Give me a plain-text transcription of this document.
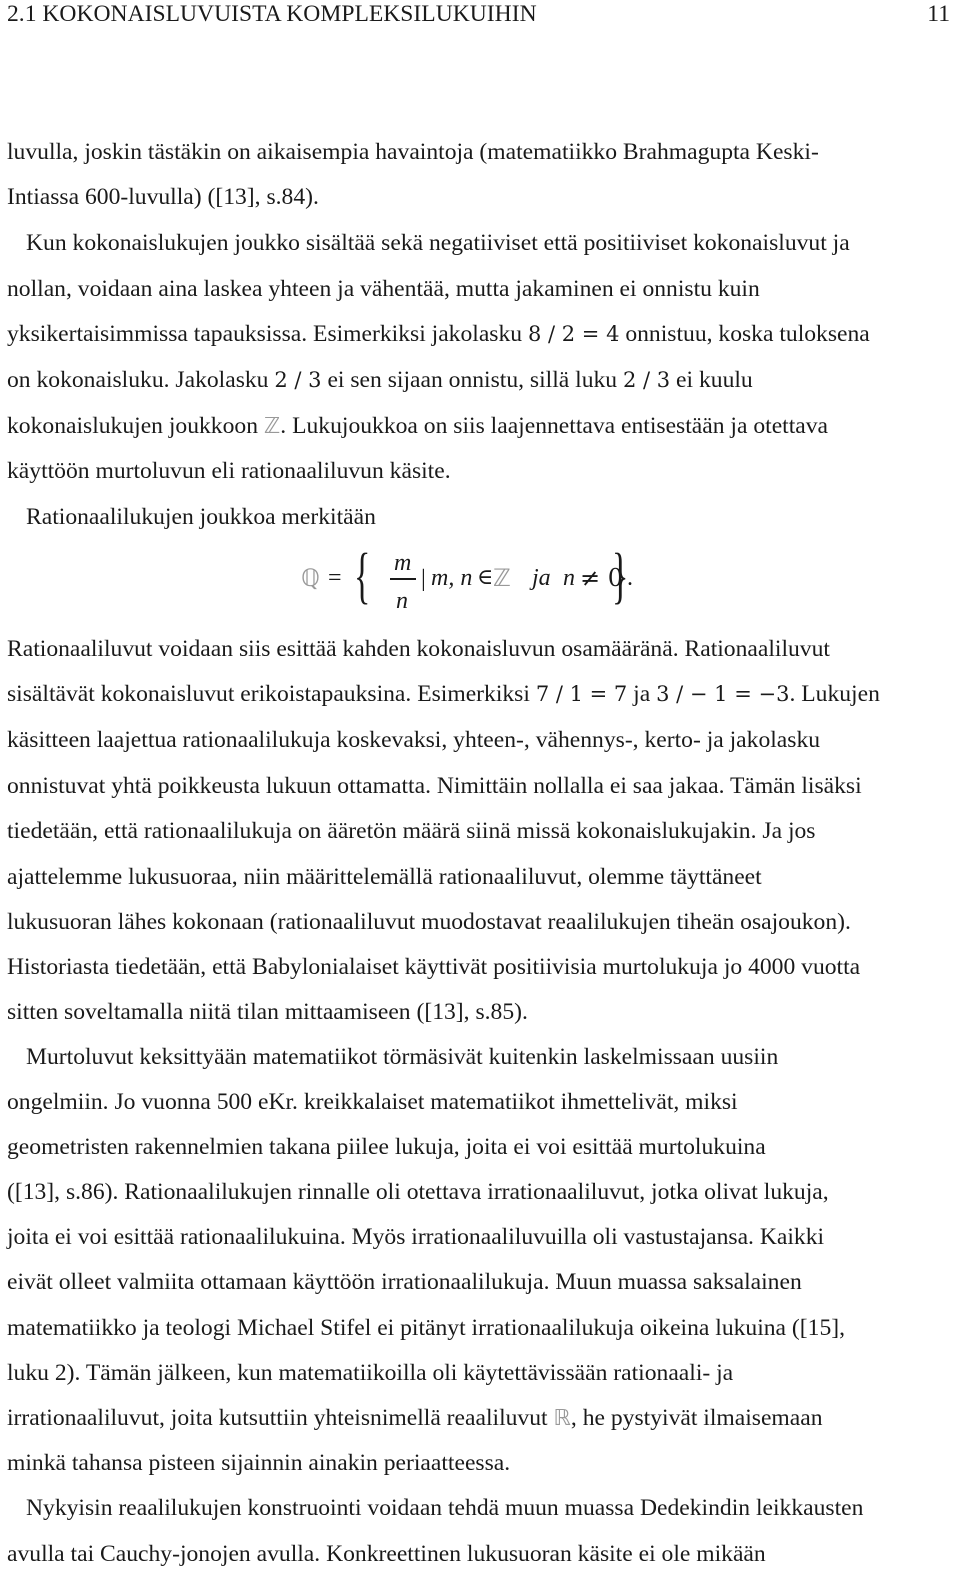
2.1 KOKONAISLUVUISTA KOMPLEKSILUKUIHIN	11

luvulla, joskin tästäkin on aikaisempia havaintoja (matematiikko Brahmagupta Keski-

Intiassa 600-luvulla) ([13], s.84).

Kun kokonaislukujen joukko sisältää sekä negatiiviset että positiiviset kokonaisluvut ja

nollan, voidaan aina laskea yhteen ja vähentää, mutta jakaminen ei onnistu kuin

yksikertaisimmissa tapauksissa. Esimerkiksi jakolasku 8 / 2 = 4 onnistuu, koska tuloksena

on kokonaisluku. Jakolasku 2 / 3 ei sen sijaan onnistu, sillä luku 2 / 3 ei kuulu

kokonaislukujen joukkoon ℤ. Lukujoukkoa on siis laajennettava entisestään ja otettava

käyttöön murtoluvun eli rationaaliluvun käsite.

Rationaalilukujen joukkoa merkitään

ℚ = { m
n
| m, n ∈ ℤ ja n ≠ 0
}
.

Rationaaliluvut voidaan siis esittää kahden kokonaisluvun osamääränä. Rationaaliluvut

sisältävät kokonaisluvut erikoistapauksina. Esimerkiksi 7 / 1 = 7 ja 3 / − 1 = −3. Lukujen

käsitteen laajettua rationaalilukuja koskevaksi, yhteen-, vähennys-, kerto- ja jakolasku

onnistuvat yhtä poikkeusta lukuun ottamatta. Nimittäin nollalla ei saa jakaa. Tämän lisäksi

tiedetään, että rationaalilukuja on ääretön määrä siinä missä kokonaislukujakin. Ja jos

ajattelemme lukusuoraa, niin määrittelemällä rationaaliluvut, olemme täyttäneet

lukusuoran lähes kokonaan (rationaaliluvut muodostavat reaalilukujen tiheän osajoukon).

Historiasta tiedetään, että Babylonialaiset käyttivät positiivisia murtolukuja jo 4000 vuotta

sitten soveltamalla niitä tilan mittaamiseen ([13], s.85).

Murtoluvut keksittyään matematiikot törmäsivät kuitenkin laskelmissaan uusiin

ongelmiin. Jo vuonna 500 eKr. kreikkalaiset matematiikot ihmettelivät, miksi

geometristen rakennelmien takana piilee lukuja, joita ei voi esittää murtolukuina

([13], s.86). Rationaalilukujen rinnalle oli otettava irrationaaliluvut, jotka olivat lukuja,

joita ei voi esittää rationaalilukuina. Myös irrationaaliluvuilla oli vastustajansa. Kaikki

eivät olleet valmiita ottamaan käyttöön irrationaalilukuja. Muun muassa saksalainen

matematiikko ja teologi Michael Stifel ei pitänyt irrationaalilukuja oikeina lukuina ([15],

luku 2). Tämän jälkeen, kun matematiikoilla oli käytettävissään rationaali- ja

irrationaaliluvut, joita kutsuttiin yhteisnimellä reaaliluvut ℝ, he pystyivät ilmaisemaan

minkä tahansa pisteen sijainnin ainakin periaatteessa.

Nykyisin reaalilukujen konstruointi voidaan tehdä muun muassa Dedekindin leikkausten

avulla tai Cauchy-jonojen avulla. Konkreettinen lukusuoran käsite ei ole mikään
